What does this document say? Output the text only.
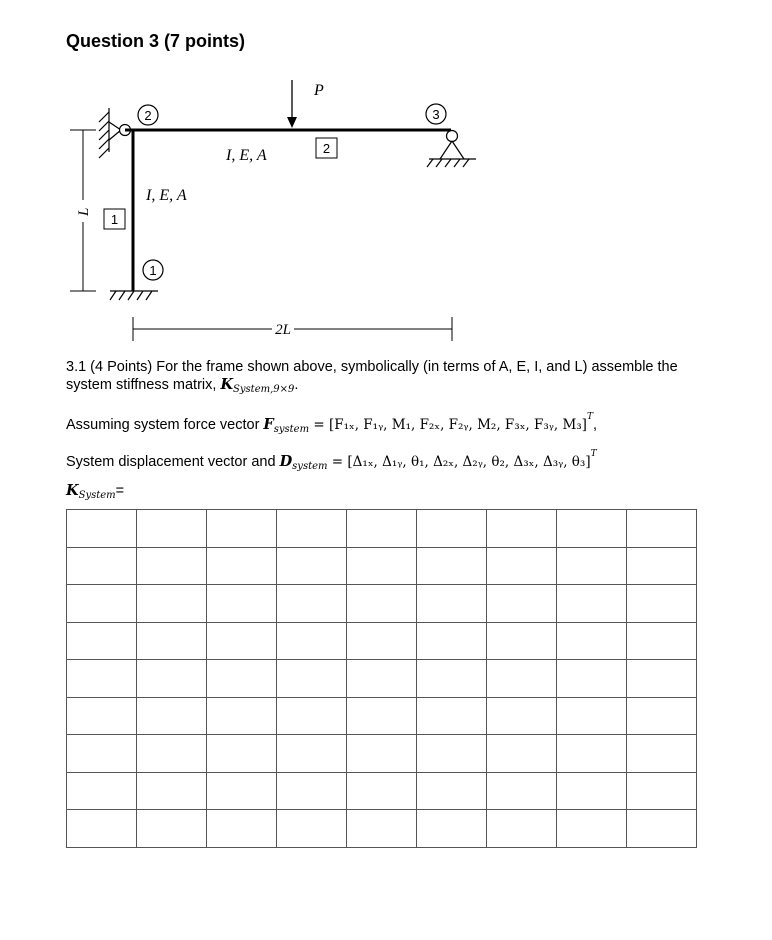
Question 3 (7 points)
P
2	3
1
2
1
I, E, A
I, E, A
L
2L
3.1 (4 Points) For the frame shown above, symbolically (in terms of A, E, I, and L) assemble the system stiffness matrix, $K_{System,9\times 9}$.
Assuming system force vector $F_{system} = [F_{1x}$, F₁ᵧ, M₁, F₂ₓ, F₂ᵧ, M₂, F₃ₓ, F₃ᵧ, M₃]$^T$,
System displacement vector and $D_{system} = [\Delta_{1x}$, Δ₁ᵧ, θ₁, Δ₂ₓ, Δ₂ᵧ, θ₂, Δ₃ₓ, Δ₃ᵧ, θ₃]$^T$
$K_{System}=$
